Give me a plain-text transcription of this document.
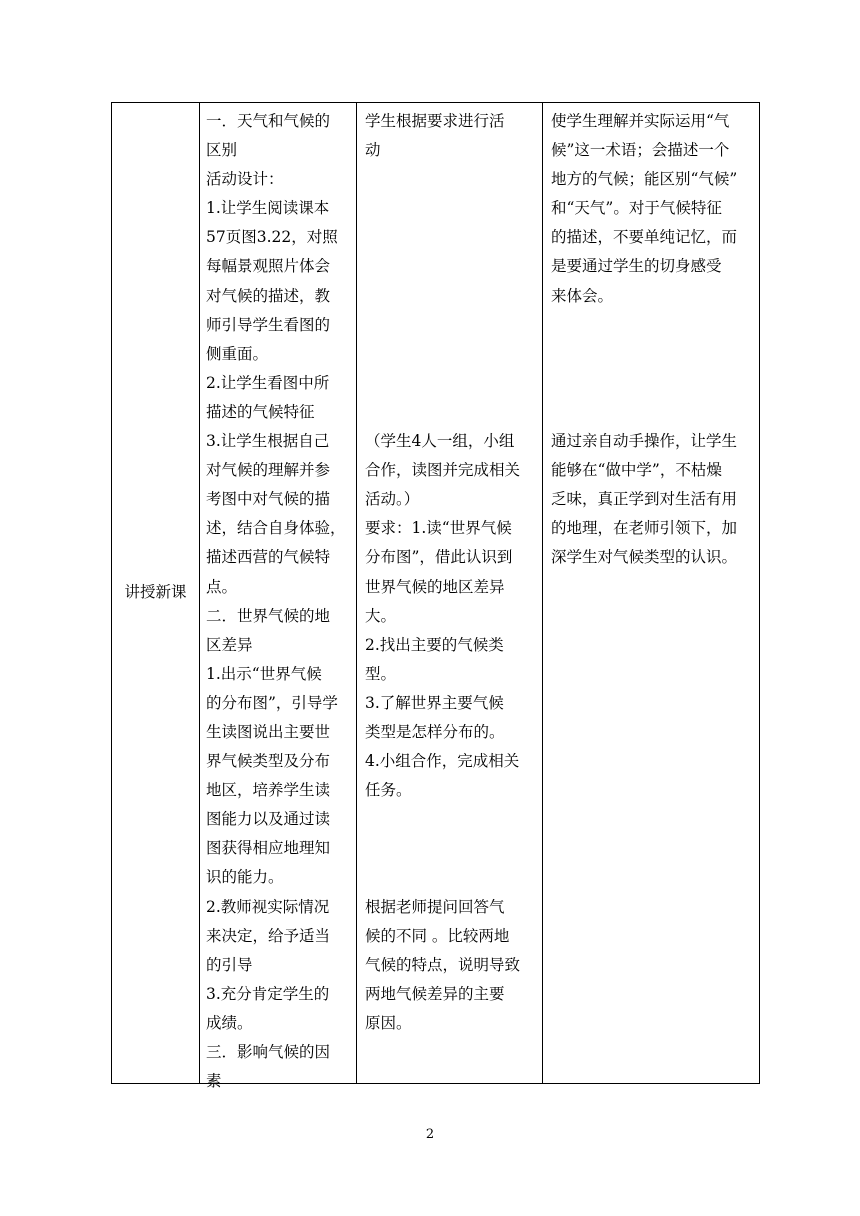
讲授新课

一．天气和气候的

区别

活动设计：

1.让学生阅读课本

57页图3.22，对照

每幅景观照片体会

对气候的描述，教

师引导学生看图的

侧重面。

2.让学生看图中所

描述的气候特征

3.让学生根据自己

对气候的理解并参

考图中对气候的描

述，结合自身体验，

描述西营的气候特

点。

二．世界气候的地

区差异

1.出示“世界气候

的分布图”，引导学

生读图说出主要世

界气候类型及分布

地区，培养学生读

图能力以及通过读

图获得相应地理知

识的能力。

2.教师视实际情况

来决定，给予适当

的引导

3.充分肯定学生的

成绩。

三．影响气候的因

素

学生根据要求进行活

动

（学生4人一组，小组

合作，读图并完成相关

活动。）

要求：1.读“世界气候

分布图”，借此认识到

世界气候的地区差异

大。

2.找出主要的气候类

型。

3.了解世界主要气候

类型是怎样分布的。

4.小组合作，完成相关

任务。

根据老师提问回答气

候的不同 。比较两地

气候的特点，说明导致

两地气候差异的主要

原因。

使学生理解并实际运用“气

候”这一术语；会描述一个

地方的气候；能区别“气候”

和“天气”。对于气候特征

的描述，不要单纯记忆，而

是要通过学生的切身感受

来体会。

通过亲自动手操作，让学生

能够在“做中学”，不枯燥

乏味，真正学到对生活有用

的地理，在老师引领下，加

深学生对气候类型的认识。

2
